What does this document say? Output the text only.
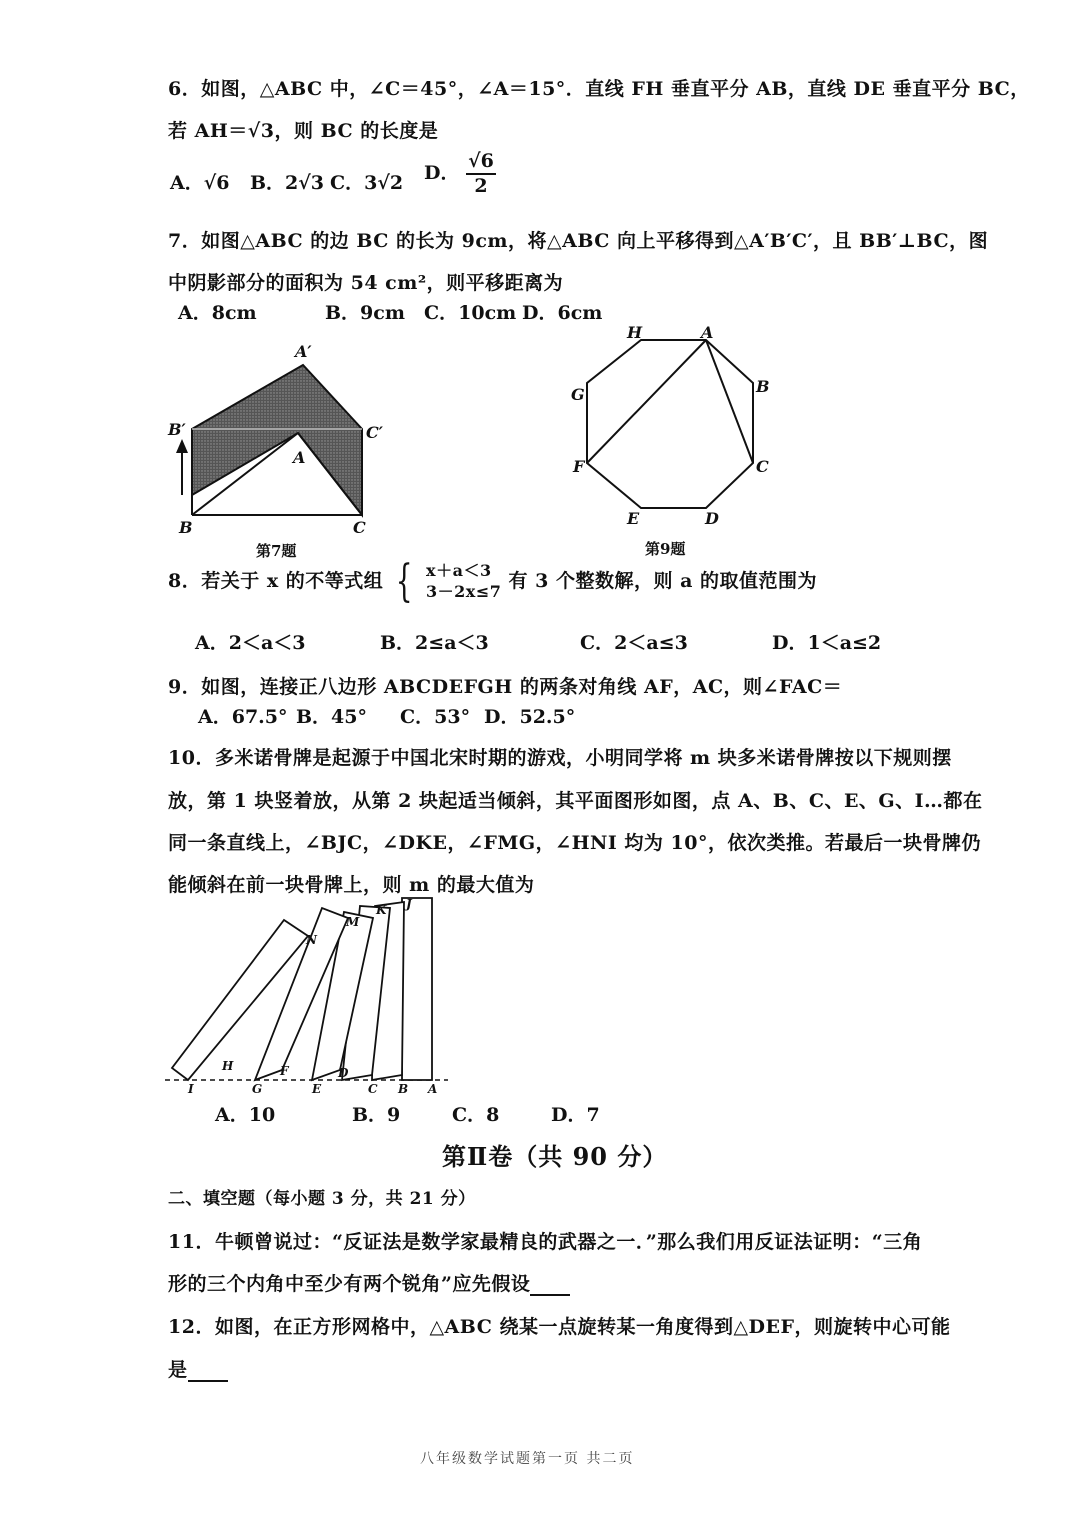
6．如图，△ABC 中，∠C＝45°，∠A＝15°．直线 FH 垂直平分 AB，直线 DE 垂直平分 BC，
若 AH＝√3，则 BC 的长度是
A．√6 B．2√3 C．3√2 D． $\frac{√6}{2}$
7．如图△ABC 的边 BC 的长为 9cm，将△ABC 向上平移得到△A′B′C′，且 BB′⊥BC，图
中阴影部分的面积为 54 cm²，则平移距离为
A．8cm	B．9cm C．10cm D．6cm
A′
B′	C′
A
B	C
第7题
H	A
B
C
D
E
F
G
第9题
8．若关于 x 的不等式组 { x＋a＜3
3－2x≤7 有 3 个整数解，则 a 的取值范围为
A．2＜a＜3	B．2≤a＜3	C．2＜a≤3	D．1＜a≤2
9．如图，连接正八边形 ABCDEFGH 的两条对角线 AF，AC，则∠FAC＝
A．67.5° B．45° C．53° D．52.5°
10．多米诺骨牌是起源于中国北宋时期的游戏，小明同学将 m 块多米诺骨牌按以下规则摆
放，第 1 块竖着放，从第 2 块起适当倾斜，其平面图形如图，点 A、B、C、E、G、I…都在
同一条直线上，∠BJC，∠DKE，∠FMG，∠HNI 均为 10°，依次类推。若最后一块骨牌仍
能倾斜在前一块骨牌上，则 m 的最大值为
J
K
M
N
A
B
C
D
E
F
G
H
I
A．10	B．9	C．8	D．7
第Ⅱ卷（共 90 分）
二、填空题（每小题 3 分，共 21 分）
11．牛顿曾说过：“反证法是数学家最精良的武器之一．”那么我们用反证法证明：“三角
形的三个内角中至少有两个锐角”应先假设
12．如图，在正方形网格中，△ABC 绕某一点旋转某一角度得到△DEF，则旋转中心可能
是
八年级数学试题第一页 共二页
